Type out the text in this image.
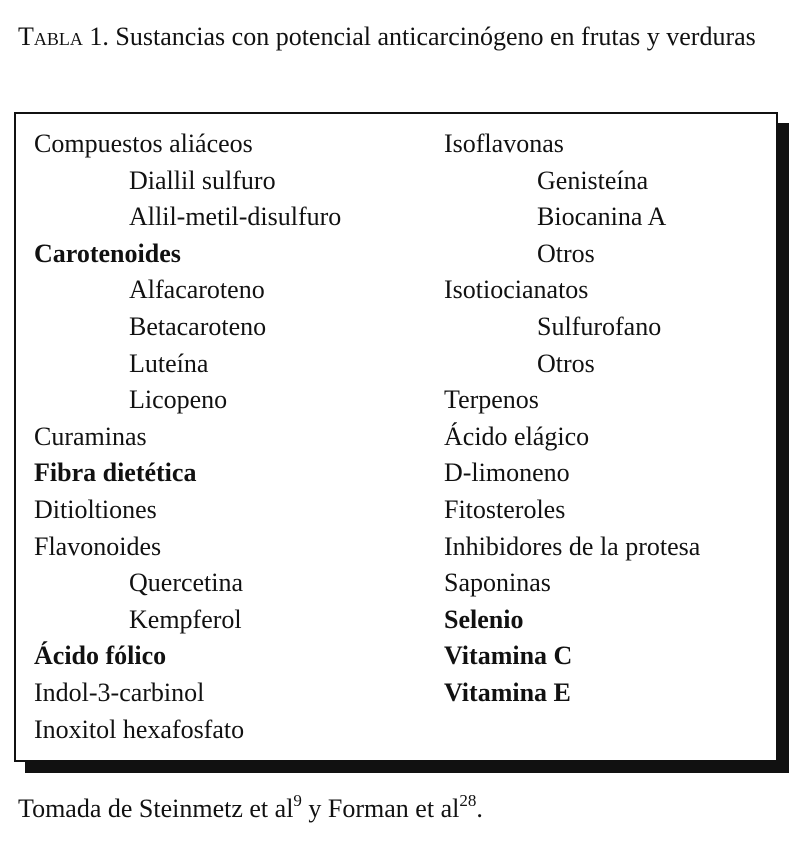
Tabla 1. Sustancias con potencial anticarcinógeno en frutas y verduras
Compuestos aliáceos
Diallil sulfuro
Allil-metil-disulfuro
Carotenoides
Alfacaroteno
Betacaroteno
Luteína
Licopeno
Curaminas
Fibra dietética
Ditioltiones
Flavonoides
Quercetina
Kempferol
Ácido fólico
Indol-3-carbinol
Inoxitol hexafosfato
Isoflavonas
Genisteína
Biocanina A
Otros
Isotiocianatos
Sulfurofano
Otros
Terpenos
Ácido elágico
D-limoneno
Fitosteroles
Inhibidores de la protesa
Saponinas
Selenio
Vitamina C
Vitamina E
Tomada de Steinmetz et $al^9$ y Forman et $al^{28}$.
